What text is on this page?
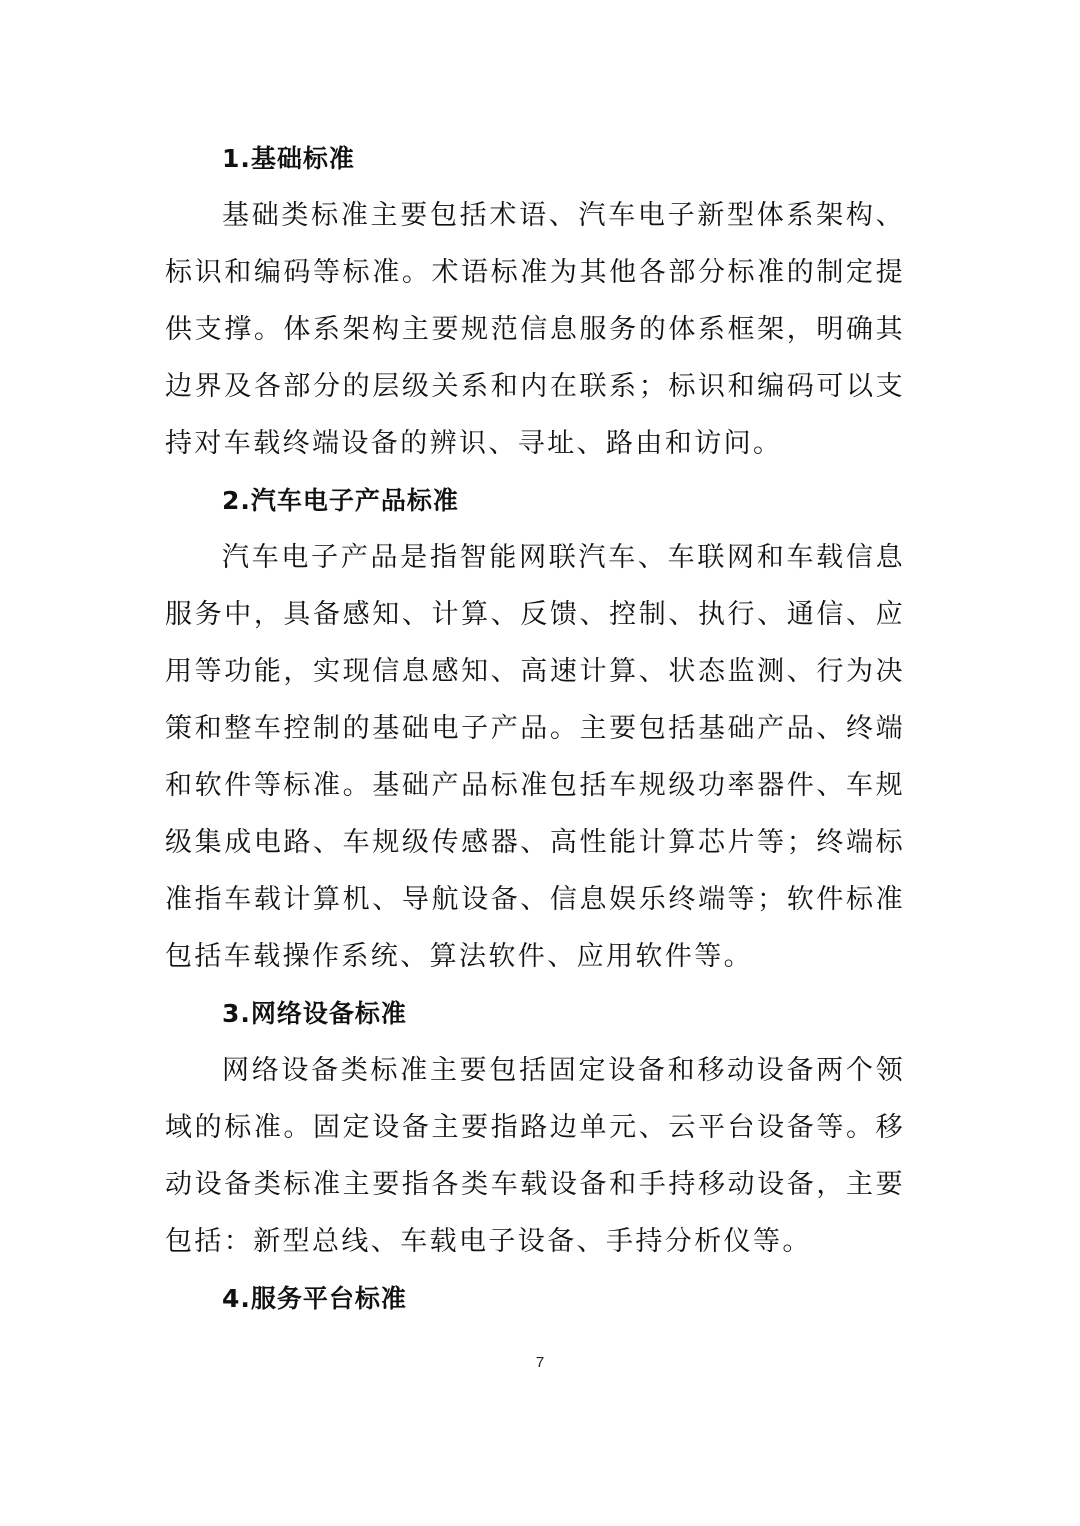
1.基础标准

基础类标准主要包括术语、汽车电子新型体系架构、标识和编码等标准。术语标准为其他各部分标准的制定提供支撑。体系架构主要规范信息服务的体系框架，明确其边界及各部分的层级关系和内在联系；标识和编码可以支持对车载终端设备的辨识、寻址、路由和访问。

2.汽车电子产品标准

汽车电子产品是指智能网联汽车、车联网和车载信息服务中，具备感知、计算、反馈、控制、执行、通信、应用等功能，实现信息感知、高速计算、状态监测、行为决策和整车控制的基础电子产品。主要包括基础产品、终端和软件等标准。基础产品标准包括车规级功率器件、车规级集成电路、车规级传感器、高性能计算芯片等；终端标准指车载计算机、导航设备、信息娱乐终端等；软件标准包括车载操作系统、算法软件、应用软件等。

3.网络设备标准

网络设备类标准主要包括固定设备和移动设备两个领域的标准。固定设备主要指路边单元、云平台设备等。移动设备类标准主要指各类车载设备和手持移动设备，主要包括：新型总线、车载电子设备、手持分析仪等。

4.服务平台标准
7
